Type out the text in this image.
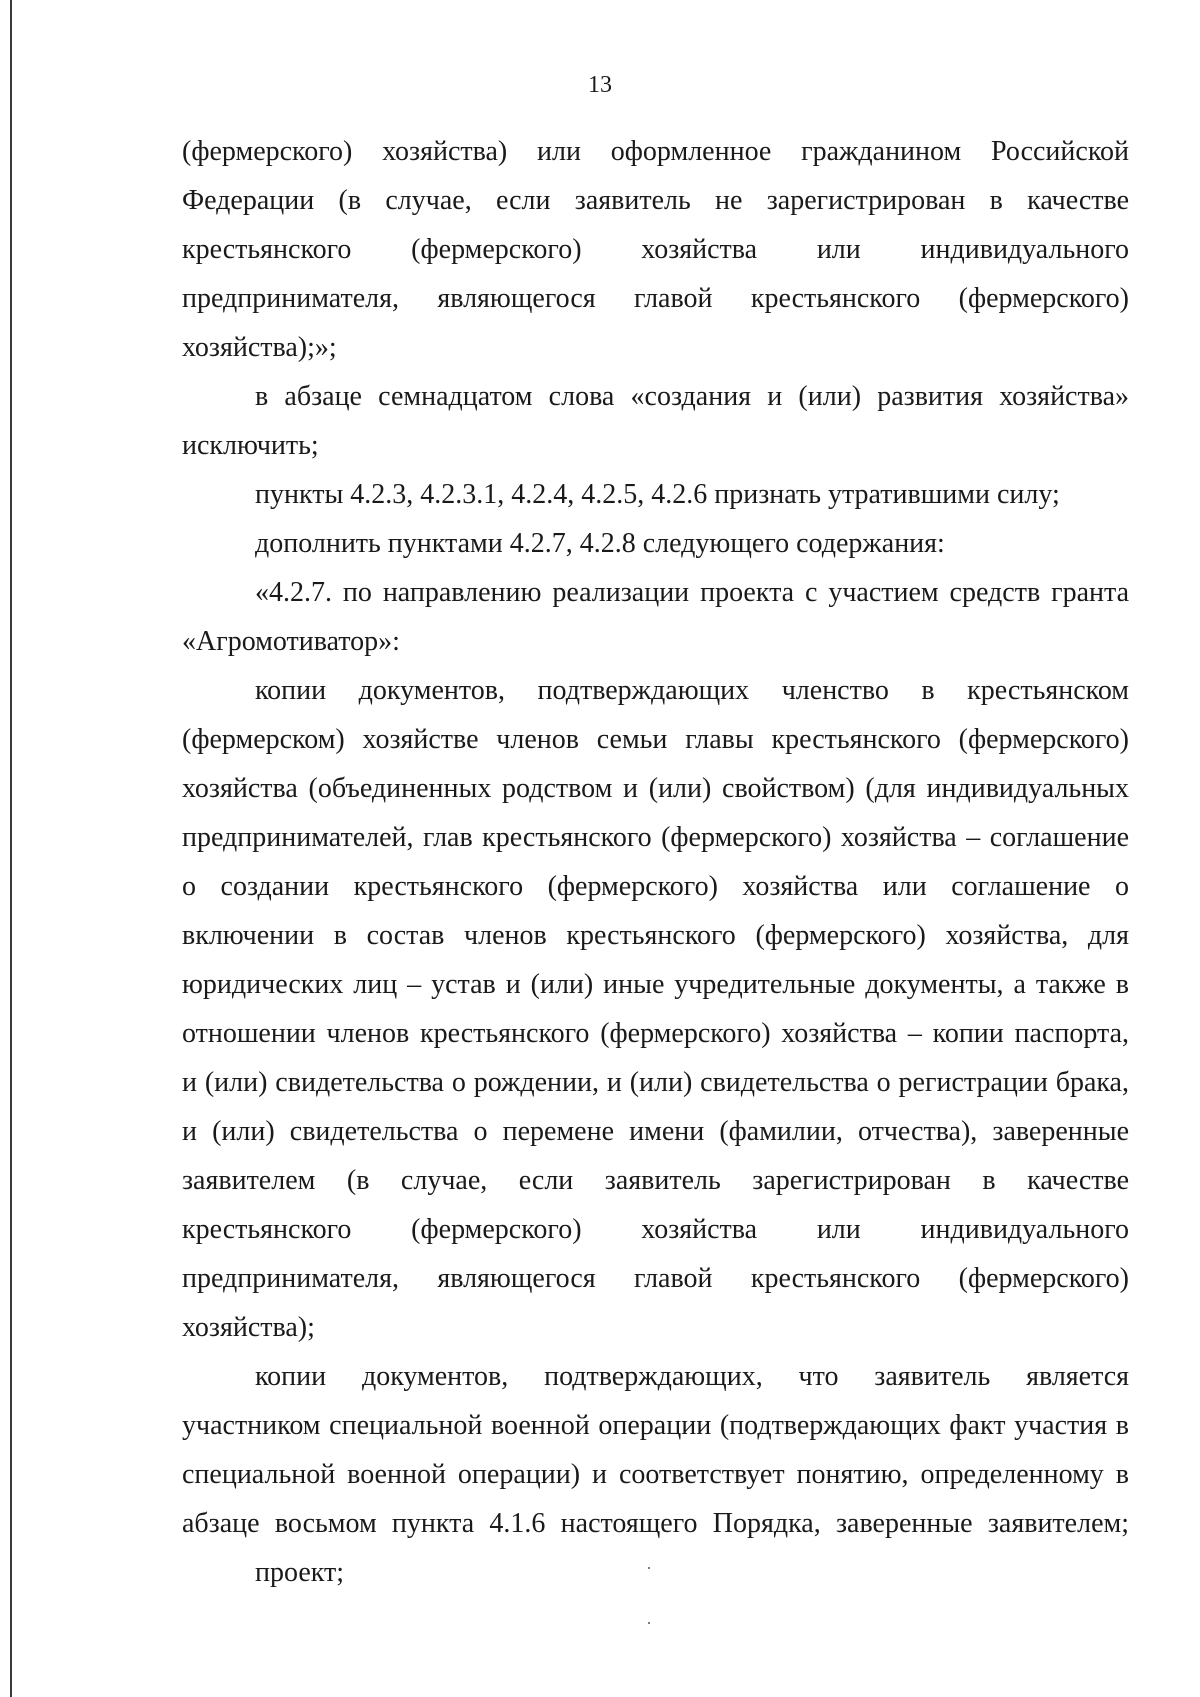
13
(фермерского) хозяйства) или оформленное гражданином Российской
Федерации (в случае, если заявитель не зарегистрирован в качестве
крестьянского (фермерского) хозяйства или индивидуального
предпринимателя, являющегося главой крестьянского (фермерского)
хозяйства);»;
в абзаце семнадцатом слова «создания и (или) развития хозяйства»
исключить;
пункты 4.2.3, 4.2.3.1, 4.2.4, 4.2.5, 4.2.6 признать утратившими силу;
дополнить пунктами 4.2.7, 4.2.8 следующего содержания:
«4.2.7. по направлению реализации проекта с участием средств гранта
«Агромотиватор»:
копии документов, подтверждающих членство в крестьянском
(фермерском) хозяйстве членов семьи главы крестьянского (фермерского)
хозяйства (объединенных родством и (или) свойством) (для индивидуальных
предпринимателей, глав крестьянского (фермерского) хозяйства – соглашение
о создании крестьянского (фермерского) хозяйства или соглашение о
включении в состав членов крестьянского (фермерского) хозяйства, для
юридических лиц – устав и (или) иные учредительные документы, а также в
отношении членов крестьянского (фермерского) хозяйства – копии паспорта,
и (или) свидетельства о рождении, и (или) свидетельства о регистрации брака,
и (или) свидетельства о перемене имени (фамилии, отчества), заверенные
заявителем (в случае, если заявитель зарегистрирован в качестве
крестьянского (фермерского) хозяйства или индивидуального
предпринимателя, являющегося главой крестьянского (фермерского)
хозяйства);
копии документов, подтверждающих, что заявитель является
участником специальной военной операции (подтверждающих факт участия в
специальной военной операции) и соответствует понятию, определенному в
абзаце восьмом пункта 4.1.6 настоящего Порядка, заверенные заявителем;
проект;
